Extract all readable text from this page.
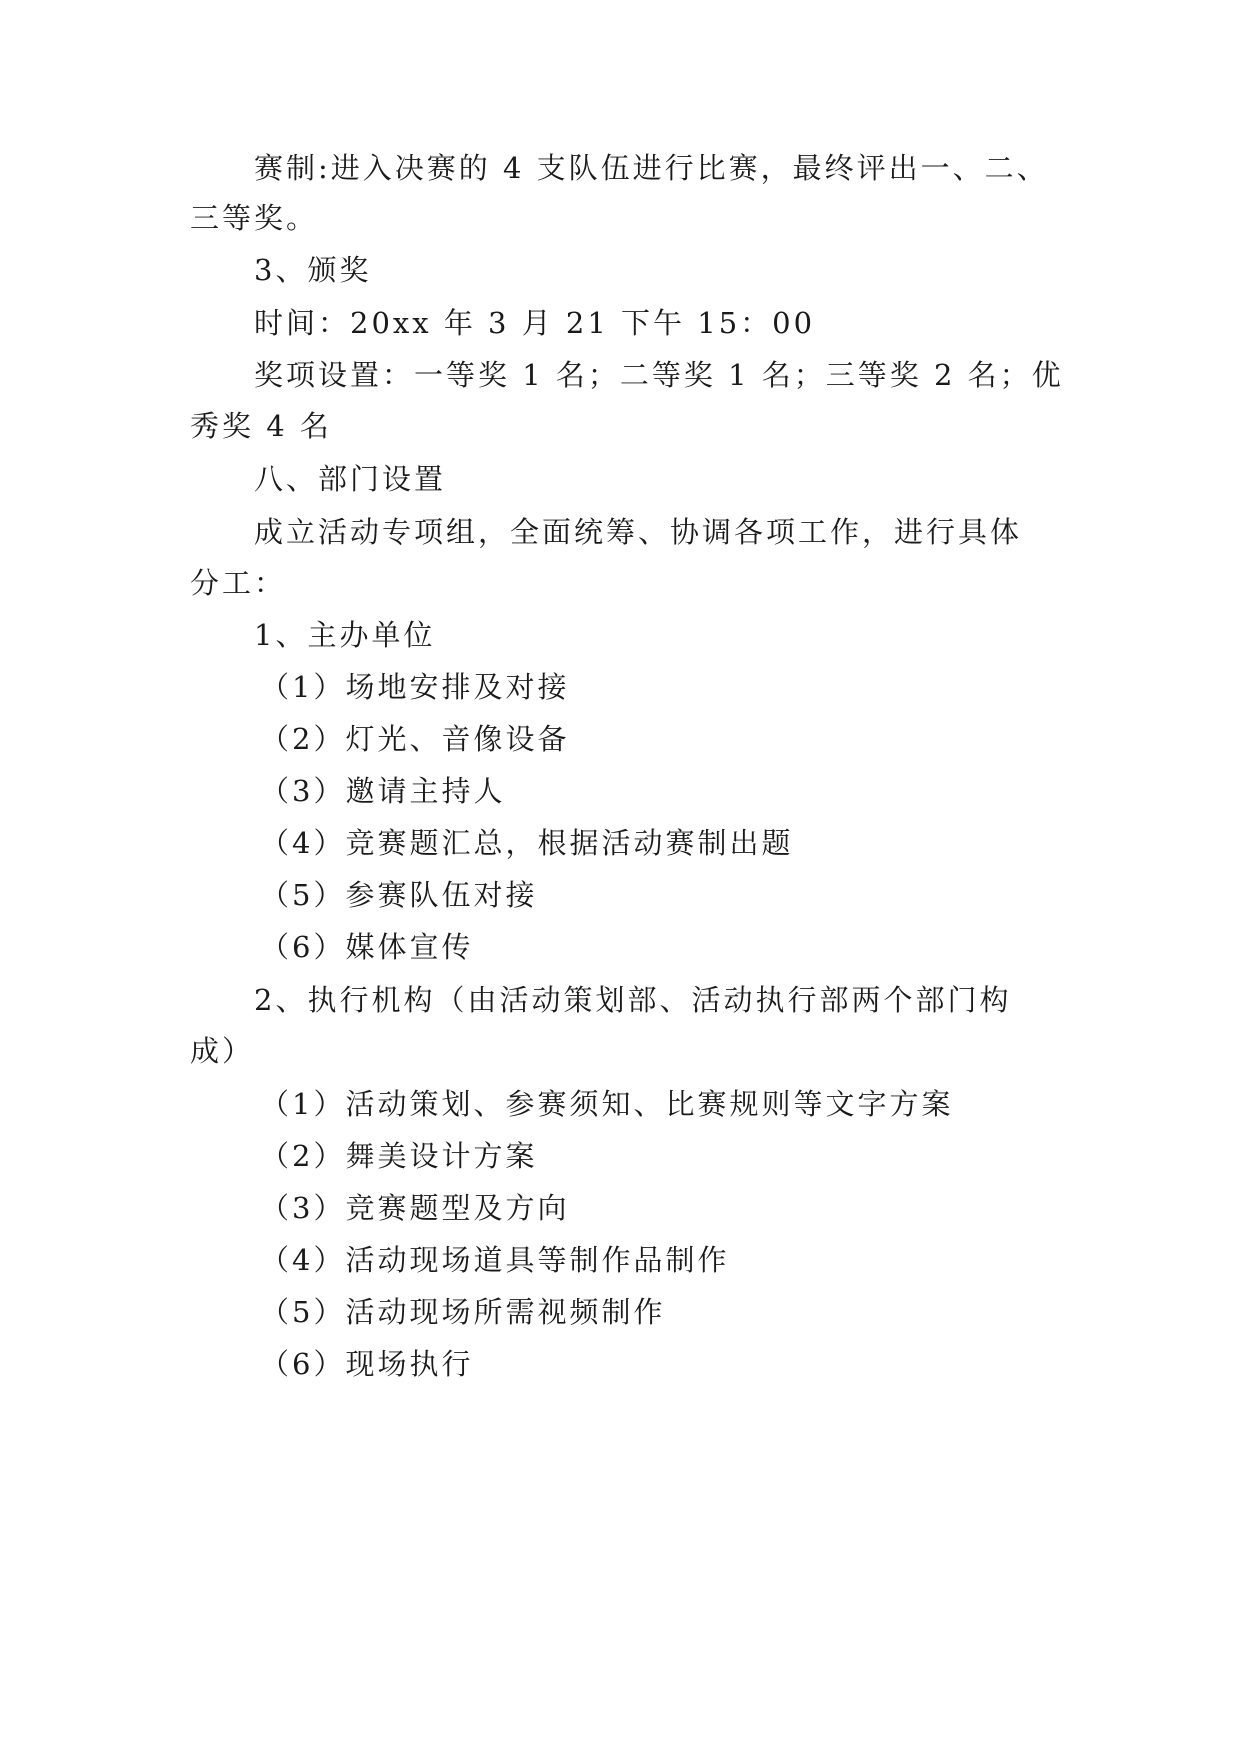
赛制:进入决赛的 4 支队伍进行比赛，最终评出一、二、
三等奖。
3、颁奖
时间：20xx 年 3 月 21 下午 15：00
奖项设置：一等奖 1 名；二等奖 1 名；三等奖 2 名；优
秀奖 4 名
八、部门设置
成立活动专项组，全面统筹、协调各项工作，进行具体
分工：
1、主办单位
（1）场地安排及对接
（2）灯光、音像设备
（3）邀请主持人
（4）竞赛题汇总，根据活动赛制出题
（5）参赛队伍对接
（6）媒体宣传
2、执行机构（由活动策划部、活动执行部两个部门构
成）
（1）活动策划、参赛须知、比赛规则等文字方案
（2）舞美设计方案
（3）竞赛题型及方向
（4）活动现场道具等制作品制作
（5）活动现场所需视频制作
（6）现场执行
